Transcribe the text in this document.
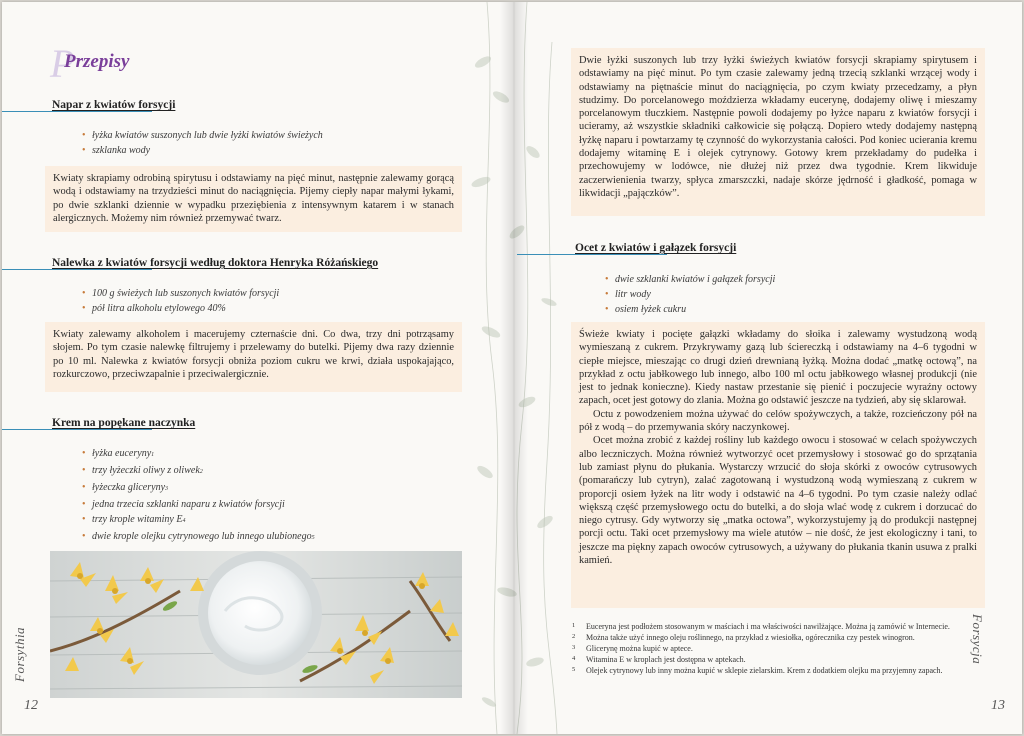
P
Przepisy
Napar z kwiatów forsycji
• łyżka kwiatów suszonych lub dwie łyżki kwiatów świeżych
• szklanka wody

Kwiaty skrapiamy odrobiną spirytusu i odstawiamy na pięć minut, następnie zalewamy gorącą wodą i odstawiamy na trzydzieści minut do naciągnięcia. Pijemy ciepły napar małymi łykami, po dwie szklanki dziennie w wypadku przeziębienia z intensywnym katarem i w stanach alergicznych. Możemy nim również przemywać twarz.

Nalewka z kwiatów forsycji według doktora Henryka Różańskiego
• 100 g świeżych lub suszonych kwiatów forsycji
• pół litra alkoholu etylowego 40%

Kwiaty zalewamy alkoholem i macerujemy czternaście dni. Co dwa, trzy dni potrząsamy słojem. Po tym czasie nalewkę filtrujemy i przelewamy do butelki. Pijemy dwa razy dziennie po 10 ml. Nalewka z kwiatów forsycji obniża poziom cukru we krwi, działa uspokajająco, rozkurczowo, przeciwzapalnie i przeciwalergicznie.

Krem na popękane naczynka
• łyżka euceryny$_1$
• trzy łyżeczki oliwy z oliwek$_2$
• łyżeczka gliceryny$_3$
• jedna trzecia szklanki naparu z kwiatów forsycji
• trzy krople witaminy $E_4$
• dwie krople olejku cytrynowego lub innego ulubionego$_5$
Forsythia
12

Dwie łyżki suszonych lub trzy łyżki świeżych kwiatów forsycji skrapiamy spirytusem i odstawiamy na pięć minut. Po tym czasie zalewamy jedną trzecią szklanki wrzącej wody i odstawiamy na piętnaście minut do naciągnięcia, po czym kwiaty przecedzamy, a płyn studzimy. Do porcelanowego moździerza wkładamy eucerynę, dodajemy oliwę i mieszamy porcelanowym tłuczkiem. Następnie powoli dodajemy po łyżce naparu z kwiatów forsycji i ucieramy, aż wszystkie składniki całkowicie się połączą. Dopiero wtedy dodajemy następną łyżkę naparu i powtarzamy tę czynność do wykorzystania całości. Pod koniec ucierania kremu dodajemy witaminę E i olejek cytrynowy. Gotowy krem przekładamy do pudełka i przechowujemy w lodówce, nie dłużej niż przez dwa tygodnie. Krem likwiduje zaczerwienienia twarzy, spłyca zmarszczki, nadaje skórze jędrność i gładkość, pomaga w likwidacji „pajączków”.

Ocet z kwiatów i gałązek forsycji
• dwie szklanki kwiatów i gałązek forsycji
• litr wody
• osiem łyżek cukru

Świeże kwiaty i pocięte gałązki wkładamy do słoika i zalewamy wystudzoną wodą wymieszaną z cukrem. Przykrywamy gazą lub ściereczką i odstawiamy na 4–6 tygodni w ciepłe miejsce, mieszając co drugi dzień drewnianą łyżką. Można dodać „matkę octową”, na przykład z octu jabłkowego lub innego, albo 100 ml octu jabłkowego własnej produkcji (nie jest to jednak konieczne). Kiedy nastaw przestanie się pienić i poczujecie wyraźny octowy zapach, ocet jest gotowy do zlania. Można go odstawić jeszcze na tydzień, aby się sklarował.

Octu z powodzeniem można używać do celów spożywczych, a także, rozcieńczony pół na pół z wodą – do przemywania skóry naczynkowej.

Ocet można zrobić z każdej rośliny lub każdego owocu i stosować w celach spożywczych albo leczniczych. Można również wytworzyć ocet przemysłowy i stosować go do sprzątania lub zamiast płynu do płukania. Wystarczy wrzucić do słoja skórki z owoców cytrusowych (pomarańczy lub cytryn), zalać zagotowaną i wystudzoną wodą wymieszaną z cukrem w proporcji osiem łyżek na litr wody i odstawić na 4–6 tygodni. Po tym czasie należy odlać większą część przemysłowego octu do butelki, a do słoja wlać wodę z cukrem i dorzucać do niego cytrusy. Gdy wytworzy się „matka octowa”, wykorzystujemy ją do produkcji następnej porcji octu. Taki ocet przemysłowy ma wiele atutów – nie dość, że jest ekologiczny i tani, to jeszcze ma piękny zapach owoców cytrusowych, a używany do płukania tkanin usuwa z pralki kamień.

Forsycja
13
1	Euceryna jest podłożem stosowanym w maściach i ma właściwości nawilżające. Można ją zamówić w Internecie.
2	Można także użyć innego oleju roślinnego, na przykład z wiesiołka, ogórecznika czy pestek winogron.
3	Glicerynę można kupić w aptece.
4	Witamina E w kroplach jest dostępna w aptekach.
5	Olejek cytrynowy lub inny można kupić w sklepie zielarskim. Krem z dodatkiem olejku ma przyjemny zapach.
